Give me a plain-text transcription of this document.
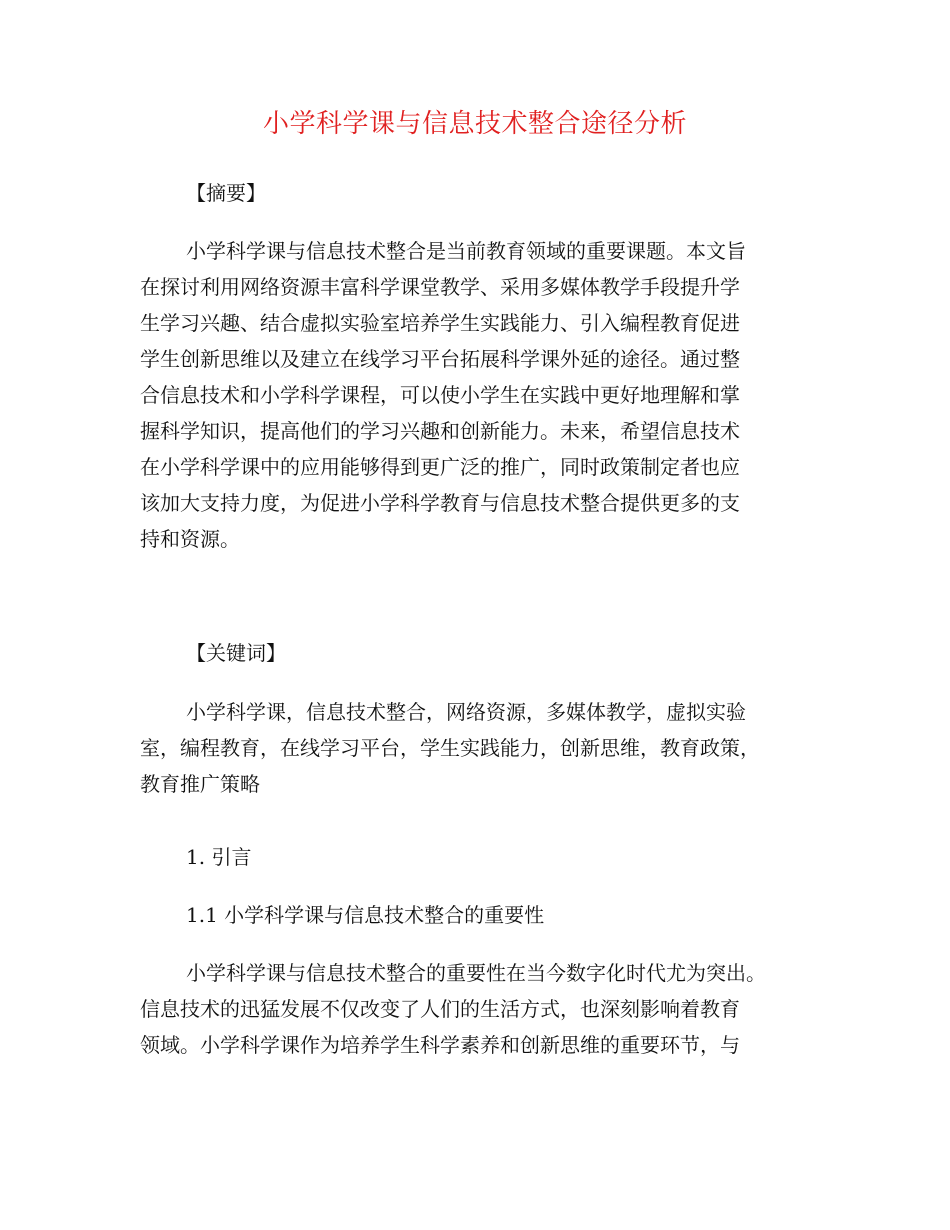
小学科学课与信息技术整合途径分析
【摘要】
小学科学课与信息技术整合是当前教育领域的重要课题。本文旨
在探讨利用网络资源丰富科学课堂教学、采用多媒体教学手段提升学
生学习兴趣、结合虚拟实验室培养学生实践能力、引入编程教育促进
学生创新思维以及建立在线学习平台拓展科学课外延的途径。通过整
合信息技术和小学科学课程，可以使小学生在实践中更好地理解和掌
握科学知识，提高他们的学习兴趣和创新能力。未来，希望信息技术
在小学科学课中的应用能够得到更广泛的推广，同时政策制定者也应
该加大支持力度，为促进小学科学教育与信息技术整合提供更多的支
持和资源。
【关键词】
小学科学课，信息技术整合，网络资源，多媒体教学，虚拟实验
室，编程教育，在线学习平台，学生实践能力，创新思维，教育政策，
教育推广策略
1. 引言
1.1 小学科学课与信息技术整合的重要性
小学科学课与信息技术整合的重要性在当今数字化时代尤为突出。
信息技术的迅猛发展不仅改变了人们的生活方式，也深刻影响着教育
领域。小学科学课作为培养学生科学素养和创新思维的重要环节，与
